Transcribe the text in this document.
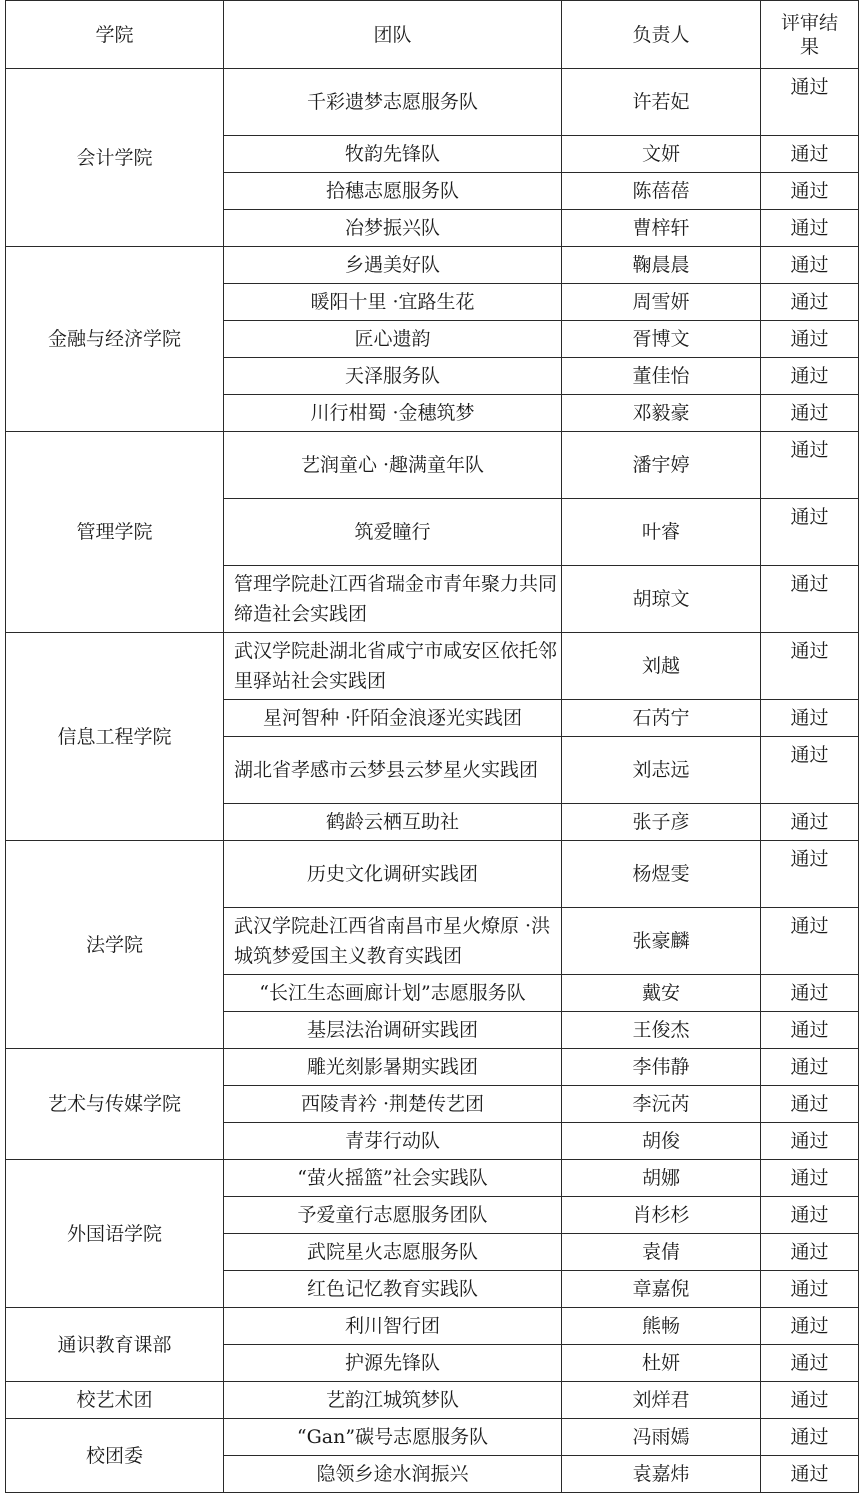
学院	团队	负责人	评审结果
会计学院	千彩遗梦志愿服务队	许若妃	通过
	牧韵先锋队	文妍	通过
	拾穗志愿服务队	陈蓓蓓	通过
	冶梦振兴队	曹梓轩	通过
金融与经济学院	乡遇美好队	鞠晨晨	通过
	暖阳十里 ·宜路生花	周雪妍	通过
	匠心遗韵	胥博文	通过
	天泽服务队	董佳怡	通过
	川行柑蜀 ·金穗筑梦	邓毅豪	通过
管理学院	艺润童心 ·趣满童年队	潘宇婷	通过
	筑爱瞳行	叶睿	通过
	管理学院赴江西省瑞金市青年聚力共同缔造社会实践团	胡琼文	通过
信息工程学院	武汉学院赴湖北省咸宁市咸安区依托邻里驿站社会实践团	刘越	通过
	星河智种 ·阡陌金浪逐光实践团	石芮宁	通过
	湖北省孝感市云梦县云梦星火实践团	刘志远	通过
	鹤龄云栖互助社	张子彦	通过
法学院	历史文化调研实践团	杨煜雯	通过
	武汉学院赴江西省南昌市星火燎原 ·洪城筑梦爱国主义教育实践团	张豪麟	通过
	“长江生态画廊计划”志愿服务队	戴安	通过
	基层法治调研实践团	王俊杰	通过
艺术与传媒学院	雕光刻影暑期实践团	李伟静	通过
	西陵青衿 ·荆楚传艺团	李沅芮	通过
	青芽行动队	胡俊	通过
外国语学院	“萤火摇篮”社会实践队	胡娜	通过
	予爱童行志愿服务团队	肖杉杉	通过
	武院星火志愿服务队	袁倩	通过
	红色记忆教育实践队	章嘉倪	通过
通识教育课部	利川智行团	熊畅	通过
	护源先锋队	杜妍	通过
校艺术团	艺韵江城筑梦队	刘烊君	通过
校团委	“Gan”碳号志愿服务队	冯雨嫣	通过
	隐领乡途水润振兴	袁嘉炜	通过
